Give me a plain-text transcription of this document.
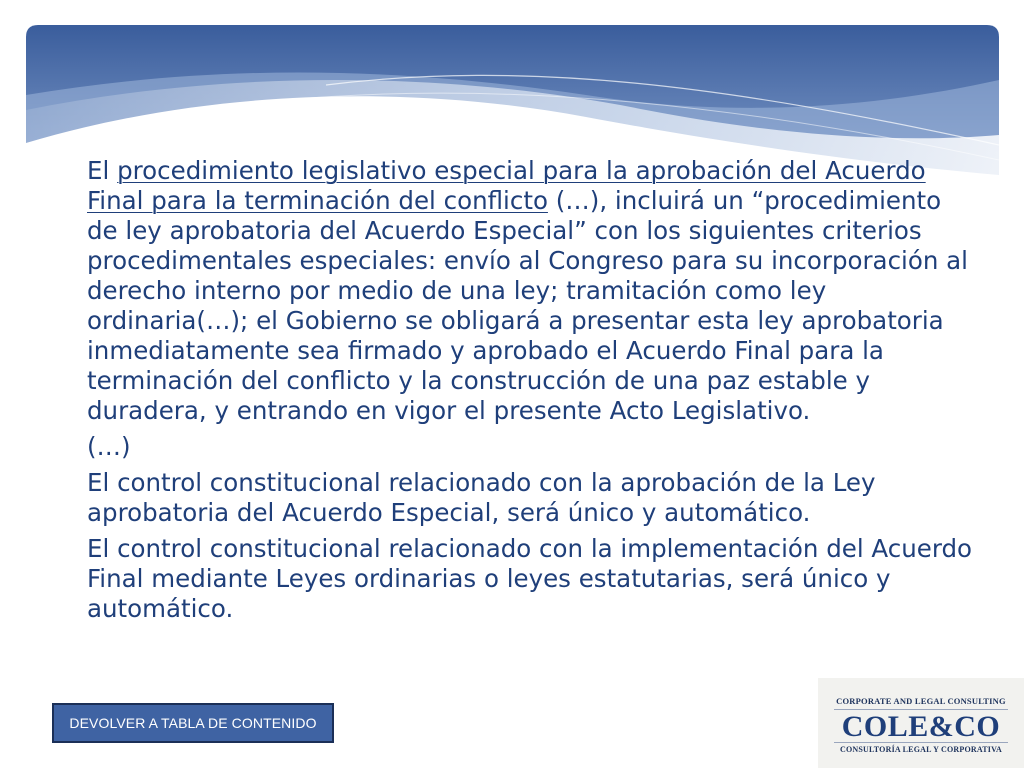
El procedimiento legislativo especial para la aprobación del Acuerdo Final para la terminación del conflicto (…), incluirá un “procedimiento de ley aprobatoria del Acuerdo Especial” con los siguientes criterios procedimentales especiales: envío al Congreso para su incorporación al derecho interno por medio de una ley; tramitación como ley ordinaria(…); el Gobierno se obligará a presentar esta ley aprobatoria inmediatamente sea firmado y aprobado el Acuerdo Final para la terminación del conflicto y la construcción de una paz estable y duradera, y entrando en vigor el presente Acto Legislativo.

(…)

El control constitucional relacionado con la aprobación de la Ley aprobatoria del Acuerdo Especial, será único y automático.

El control constitucional relacionado con la implementación del Acuerdo Final mediante Leyes ordinarias o leyes estatutarias, será único y automático.

DEVOLVER A TABLA DE CONTENIDO
CORPORATE AND LEGAL CONSULTING
COLE&CO
CONSULTORÍA LEGAL Y CORPORATIVA
